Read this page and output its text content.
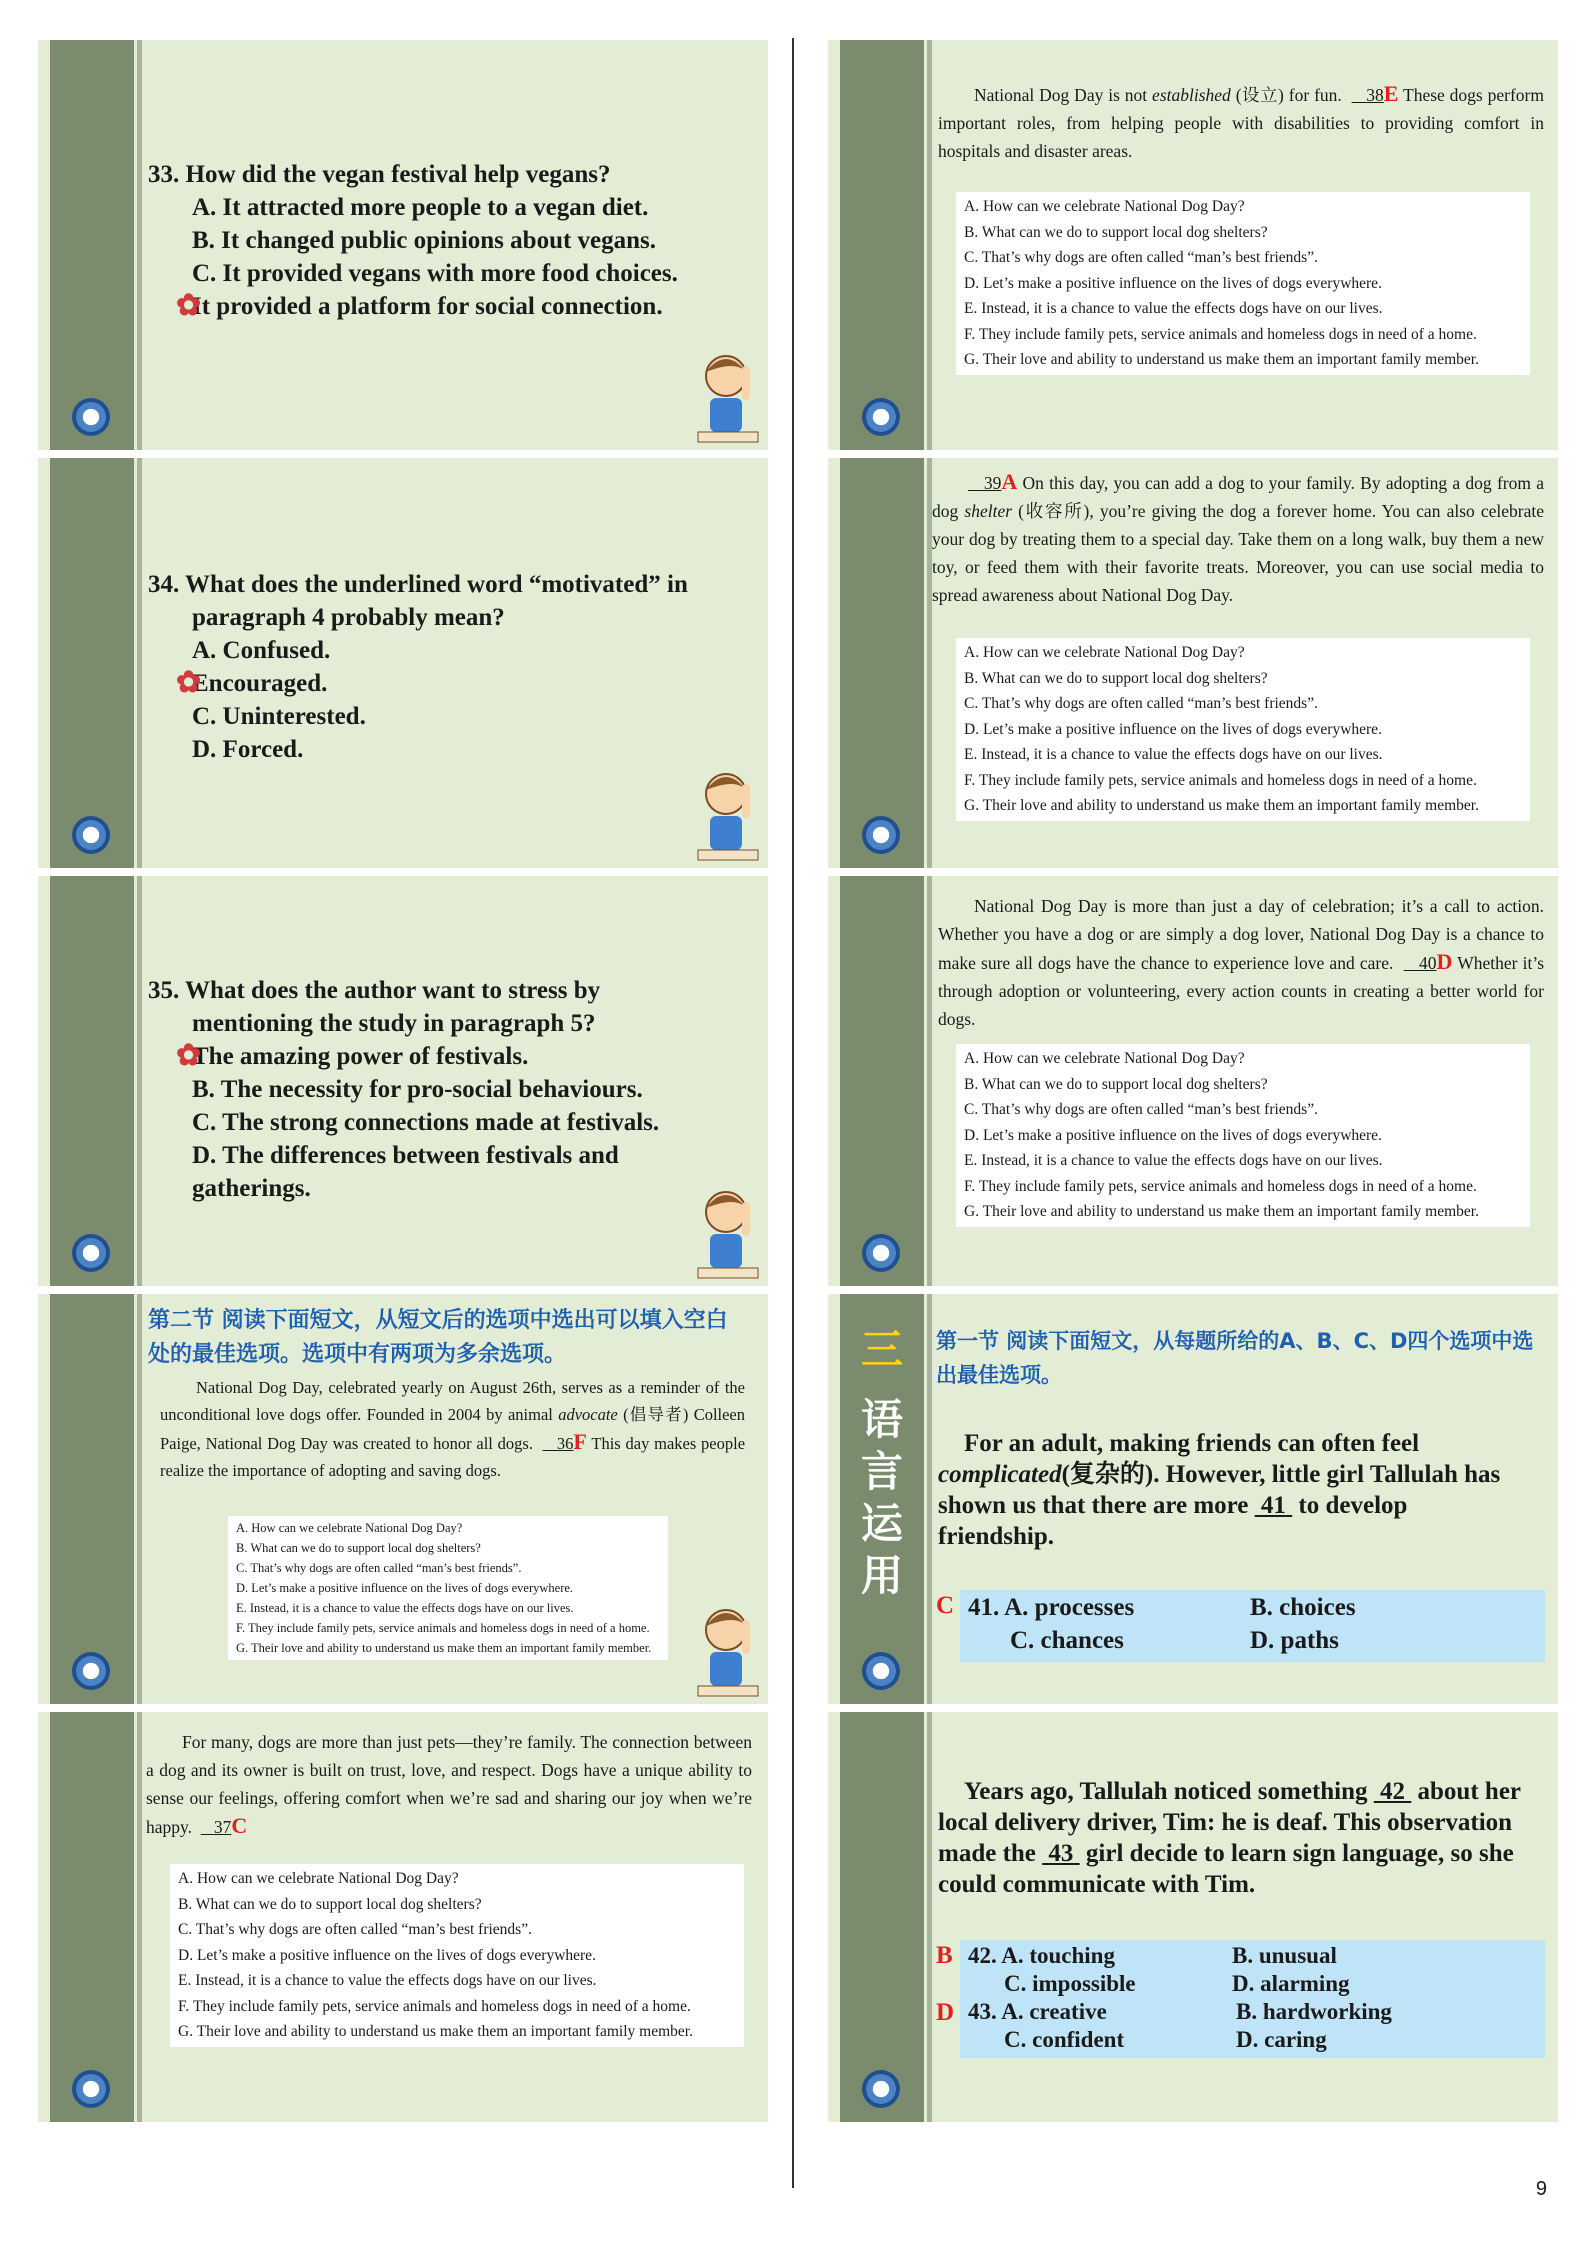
33. How did the vegan festival help vegans?
A. It attracted more people to a vegan diet.
B. It changed public opinions about vegans.
C. It provided vegans with more food choices.
✿
It provided a platform for social connection.
34. What does the underlined word “motivated” in
paragraph 4 probably mean?
A. Confused.
✿
Encouraged.
C. Uninterested.
D. Forced.
35. What does the author want to stress by
mentioning the study in paragraph 5?
✿
The amazing power of festivals.
B. The necessity for pro-social behaviours.
C. The strong connections made at festivals.
D. The differences between festivals and
gatherings.
第二节 阅读下面短文，从短文后的选项中选出可以填入空白处的最佳选项。选项中有两项为多余选项。
National Dog Day, celebrated yearly on August 26th, serves as a reminder of the unconditional love dogs offer. Founded in 2004 by animal advocate (倡导者) Colleen Paige, National Dog Day was created to honor all dogs. 36F This day makes people realize the importance of adopting and saving dogs.
A. How can we celebrate National Dog Day?
B. What can we do to support local dog shelters?
C. That’s why dogs are often called “man’s best friends”.
D. Let’s make a positive influence on the lives of dogs everywhere.
E. Instead, it is a chance to value the effects dogs have on our lives.
F. They include family pets, service animals and homeless dogs in need of a home.
G. Their love and ability to understand us make them an important family member.
For many, dogs are more than just pets—they’re family. The connection between a dog and its owner is built on trust, love, and respect. Dogs have a unique ability to sense our feelings, offering comfort when we’re sad and sharing our joy when we’re happy. 37C
A. How can we celebrate National Dog Day?
B. What can we do to support local dog shelters?
C. That’s why dogs are often called “man’s best friends”.
D. Let’s make a positive influence on the lives of dogs everywhere.
E. Instead, it is a chance to value the effects dogs have on our lives.
F. They include family pets, service animals and homeless dogs in need of a home.
G. Their love and ability to understand us make them an important family member.
National Dog Day is not established (设立) for fun. 38E These dogs perform important roles, from helping people with disabilities to providing comfort in hospitals and disaster areas.
A. How can we celebrate National Dog Day?
B. What can we do to support local dog shelters?
C. That’s why dogs are often called “man’s best friends”.
D. Let’s make a positive influence on the lives of dogs everywhere.
E. Instead, it is a chance to value the effects dogs have on our lives.
F. They include family pets, service animals and homeless dogs in need of a home.
G. Their love and ability to understand us make them an important family member.
39A On this day, you can add a dog to your family. By adopting a dog from a dog shelter (收容所), you’re giving the dog a forever home. You can also celebrate your dog by treating them to a special day. Take them on a long walk, buy them a new toy, or feed them with their favorite treats. Moreover, you can use social media to spread awareness about National Dog Day.
A. How can we celebrate National Dog Day?
B. What can we do to support local dog shelters?
C. That’s why dogs are often called “man’s best friends”.
D. Let’s make a positive influence on the lives of dogs everywhere.
E. Instead, it is a chance to value the effects dogs have on our lives.
F. They include family pets, service animals and homeless dogs in need of a home.
G. Their love and ability to understand us make them an important family member.
National Dog Day is more than just a day of celebration; it’s a call to action. Whether you have a dog or are simply a dog lover, National Dog Day is a chance to make sure all dogs have the chance to experience love and care. 40D Whether it’s through adoption or volunteering, every action counts in creating a better world for dogs.
A. How can we celebrate National Dog Day?
B. What can we do to support local dog shelters?
C. That’s why dogs are often called “man’s best friends”.
D. Let’s make a positive influence on the lives of dogs everywhere.
E. Instead, it is a chance to value the effects dogs have on our lives.
F. They include family pets, service animals and homeless dogs in need of a home.
G. Their love and ability to understand us make them an important family member.
三
语
言
运
用
第一节 阅读下面短文，从每题所给的A、B、C、D四个选项中选出最佳选项。
For an adult, making friends can often feel complicated(复杂的). However, little girl Tallulah has shown us that there are more 41 to develop friendship.
C 41. A. processes	B. choices
C. chances	D. paths
Years ago, Tallulah noticed something 42 about her local delivery driver, Tim: he is deaf. This observation made the 43 girl decide to learn sign language, so she could communicate with Tim.
B
D
42. A. touching	B. unusual
C. impossible	D. alarming
43. A. creative	B. hardworking
C. confident	D. caring
9
